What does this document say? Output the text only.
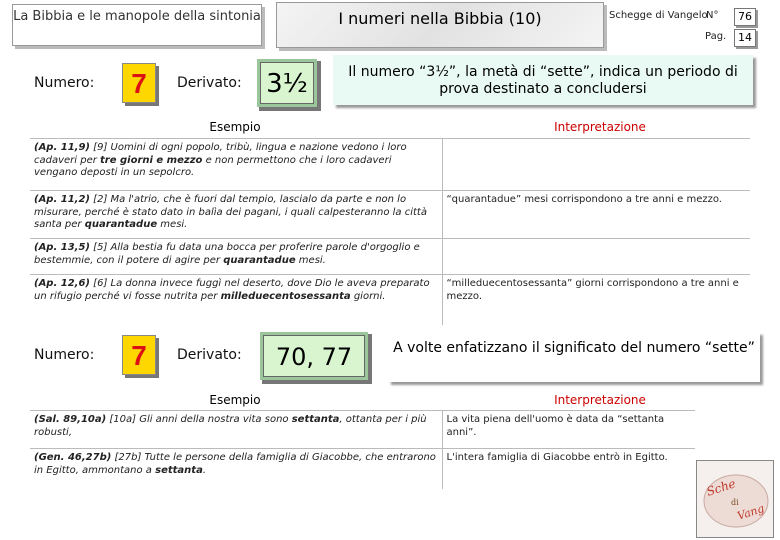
La Bibbia e le manopole della sintonia	I numeri nella Bibbia (10)	Schegge di Vangelo
N°	76
Pag.	14
Numero:	7	Derivato: 3½	Il numero “3½”, la metà di “sette”, indica un periodo di prova destinato a concludersi
Esempio	Interpretazione
(Ap. 11,9) [9] Uomini di ogni popolo, tribù, lingua e nazione vedono i loro cadaveri per tre giorni e mezzo e non permettono che i loro cadaveri vengano deposti in un sepolcro.	
(Ap. 11,2) [2] Ma l'atrio, che è fuori dal tempio, lascialo da parte e non lo misurare, perché è stato dato in balìa dei pagani, i quali calpesteranno la città santa per quarantadue mesi.	“quarantadue” mesi corrispondono a tre anni e mezzo.
(Ap. 13,5) [5] Alla bestia fu data una bocca per proferire parole d'orgoglio e bestemmie, con il potere di agire per quarantadue mesi.	
(Ap. 12,6) [6] La donna invece fuggì nel deserto, dove Dio le aveva preparato un rifugio perché vi fosse nutrita per milleduecentosessanta giorni.	“milleduecentosessanta” giorni corrispondono a tre anni e mezzo.
Numero:	7	Derivato:	70, 77	A volte enfatizzano il significato del numero “sette”
Esempio	Interpretazione
(Sal. 89,10a) [10a] Gli anni della nostra vita sono settanta, ottanta per i più robusti,	La vita piena dell'uomo è data da “settanta anni”.
(Gen. 46,27b) [27b] Tutte le persone della famiglia di Giacobbe, che entrarono in Egitto, ammontano a settanta.	L'intera famiglia di Giacobbe entrò in Egitto.
Sche
di
Vang
